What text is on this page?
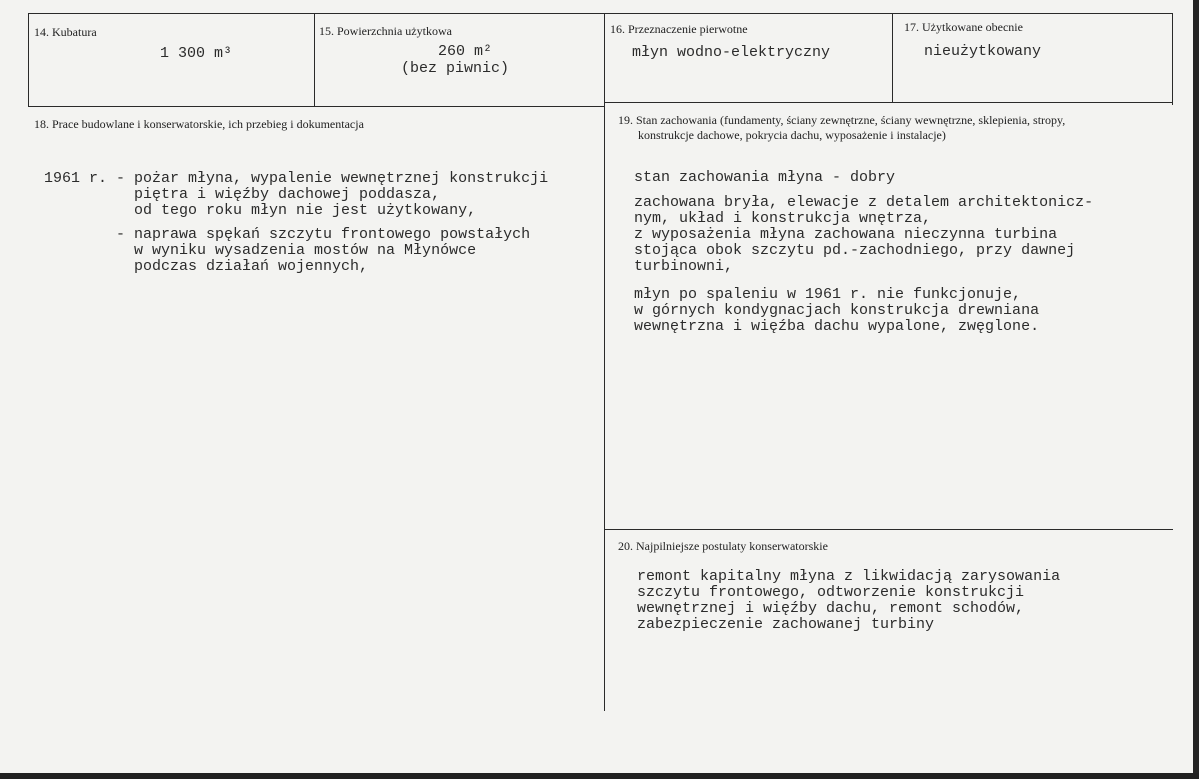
14. Kubatura
1 300 m³
15. Powierzchnia użytkowa
260 m²
(bez piwnic)
16. Przeznaczenie pierwotne
młyn wodno-elektryczny
17. Użytkowane obecnie
nieużytkowany
18. Prace budowlane i konserwatorskie, ich przebieg i dokumentacja
1961 r. - pożar młyna, wypalenie wewnętrznej konstrukcji
piętra i więźby dachowej poddasza,
od tego roku młyn nie jest użytkowany,
- naprawa spękań szczytu frontowego powstałych
w wyniku wysadzenia mostów na Młynówce
podczas działań wojennych,
19. Stan zachowania (fundamenty, ściany zewnętrzne, ściany wewnętrzne, sklepienia, stropy,
konstrukcje dachowe, pokrycia dachu, wyposażenie i instalacje)
stan zachowania młyna - dobry
zachowana bryła, elewacje z detalem architektonicz-
nym, układ i konstrukcja wnętrza,
z wyposażenia młyna zachowana nieczynna turbina
stojąca obok szczytu pd.-zachodniego, przy dawnej
turbinowni,
młyn po spaleniu w 1961 r. nie funkcjonuje,
w górnych kondygnacjach konstrukcja drewniana
wewnętrzna i więźba dachu wypalone, zwęglone.
20. Najpilniejsze postulaty konserwatorskie
remont kapitalny młyna z likwidacją zarysowania
szczytu frontowego, odtworzenie konstrukcji
wewnętrznej i więźby dachu, remont schodów,
zabezpieczenie zachowanej turbiny
